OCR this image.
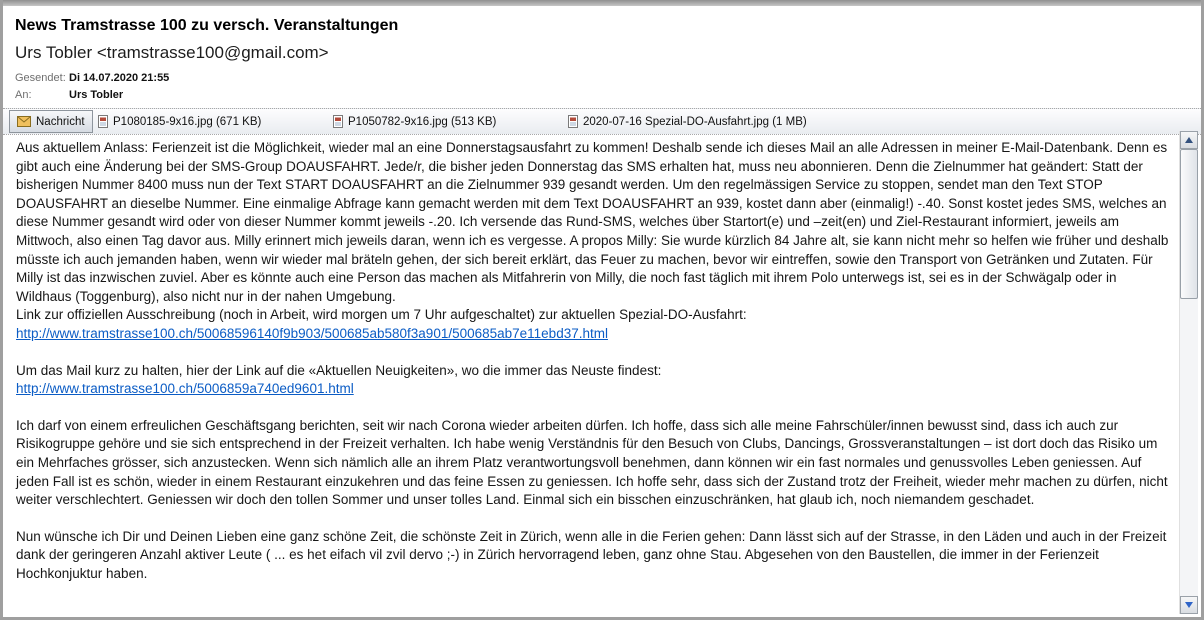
News Tramstrasse 100 zu versch. Veranstaltungen
Urs Tobler <tramstrasse100@gmail.com>
Gesendet: Di 14.07.2020 21:55
An:	Urs Tobler
Nachricht P1080185-9x16.jpg (671 KB)	P1050782-9x16.jpg (513 KB)	2020-07-16 Spezial-DO-Ausfahrt.jpg (1 MB)

Aus aktuellem Anlass: Ferienzeit ist die Möglichkeit, wieder mal an eine Donnerstagsausfahrt zu kommen! Deshalb sende ich dieses Mail an alle Adressen in meiner E-Mail-Datenbank. Denn es gibt auch eine Änderung bei der SMS-Group DOAUSFAHRT. Jede/r, die bisher jeden Donnerstag das SMS erhalten hat, muss neu abonnieren. Denn die Zielnummer hat geändert: Statt der bisherigen Nummer 8400 muss nun der Text START DOAUSFAHRT an die Zielnummer 939 gesandt werden. Um den regelmässigen Service zu stoppen, sendet man den Text STOP DOAUSFAHRT an dieselbe Nummer. Eine einmalige Abfrage kann gemacht werden mit dem Text DOAUSFAHRT an 939, kostet dann aber (einmalig!) -.40. Sonst kostet jedes SMS, welches an diese Nummer gesandt wird oder von dieser Nummer kommt jeweils -.20. Ich versende das Rund-SMS, welches über Startort(e) und –zeit(en) und Ziel-Restaurant informiert, jeweils am Mittwoch, also einen Tag davor aus. Milly erinnert mich jeweils daran, wenn ich es vergesse. A propos Milly: Sie wurde kürzlich 84 Jahre alt, sie kann nicht mehr so helfen wie früher und deshalb müsste ich auch jemanden haben, wenn wir wieder mal bräteln gehen, der sich bereit erklärt, das Feuer zu machen, bevor wir eintreffen, sowie den Transport von Getränken und Zutaten. Für Milly ist das inzwischen zuviel. Aber es könnte auch eine Person das machen als Mitfahrerin von Milly, die noch fast täglich mit ihrem Polo unterwegs ist, sei es in der Schwägalp oder in Wildhaus (Toggenburg), also nicht nur in der nahen Umgebung.

Link zur offiziellen Ausschreibung (noch in Arbeit, wird morgen um 7 Uhr aufgeschaltet) zur aktuellen Spezial-DO-Ausfahrt:

http://www.tramstrasse100.ch/50068596140f9b903/500685ab580f3a901/500685ab7e11ebd37.html

Um das Mail kurz zu halten, hier der Link auf die «Aktuellen Neuigkeiten», wo die immer das Neuste findest:

http://www.tramstrasse100.ch/5006859a740ed9601.html

Ich darf von einem erfreulichen Geschäftsgang berichten, seit wir nach Corona wieder arbeiten dürfen. Ich hoffe, dass sich alle meine Fahrschüler/innen bewusst sind, dass ich auch zur Risikogruppe gehöre und sie sich entsprechend in der Freizeit verhalten. Ich habe wenig Verständnis für den Besuch von Clubs, Dancings, Grossveranstaltungen – ist dort doch das Risiko um ein Mehrfaches grösser, sich anzustecken. Wenn sich nämlich alle an ihrem Platz verantwortungsvoll benehmen, dann können wir ein fast normales und genussvolles Leben geniessen. Auf jeden Fall ist es schön, wieder in einem Restaurant einzukehren und das feine Essen zu geniessen. Ich hoffe sehr, dass sich der Zustand trotz der Freiheit, wieder mehr machen zu dürfen, nicht weiter verschlechtert. Geniessen wir doch den tollen Sommer und unser tolles Land. Einmal sich ein bisschen einzuschränken, hat glaub ich, noch niemandem geschadet.

Nun wünsche ich Dir und Deinen Lieben eine ganz schöne Zeit, die schönste Zeit in Zürich, wenn alle in die Ferien gehen: Dann lässt sich auf der Strasse, in den Läden und auch in der Freizeit dank der geringeren Anzahl aktiver Leute ( ... es het eifach vil zvil dervo ;-) in Zürich hervorragend leben, ganz ohne Stau. Abgesehen von den Baustellen, die immer in der Ferienzeit Hochkonjuktur haben.
